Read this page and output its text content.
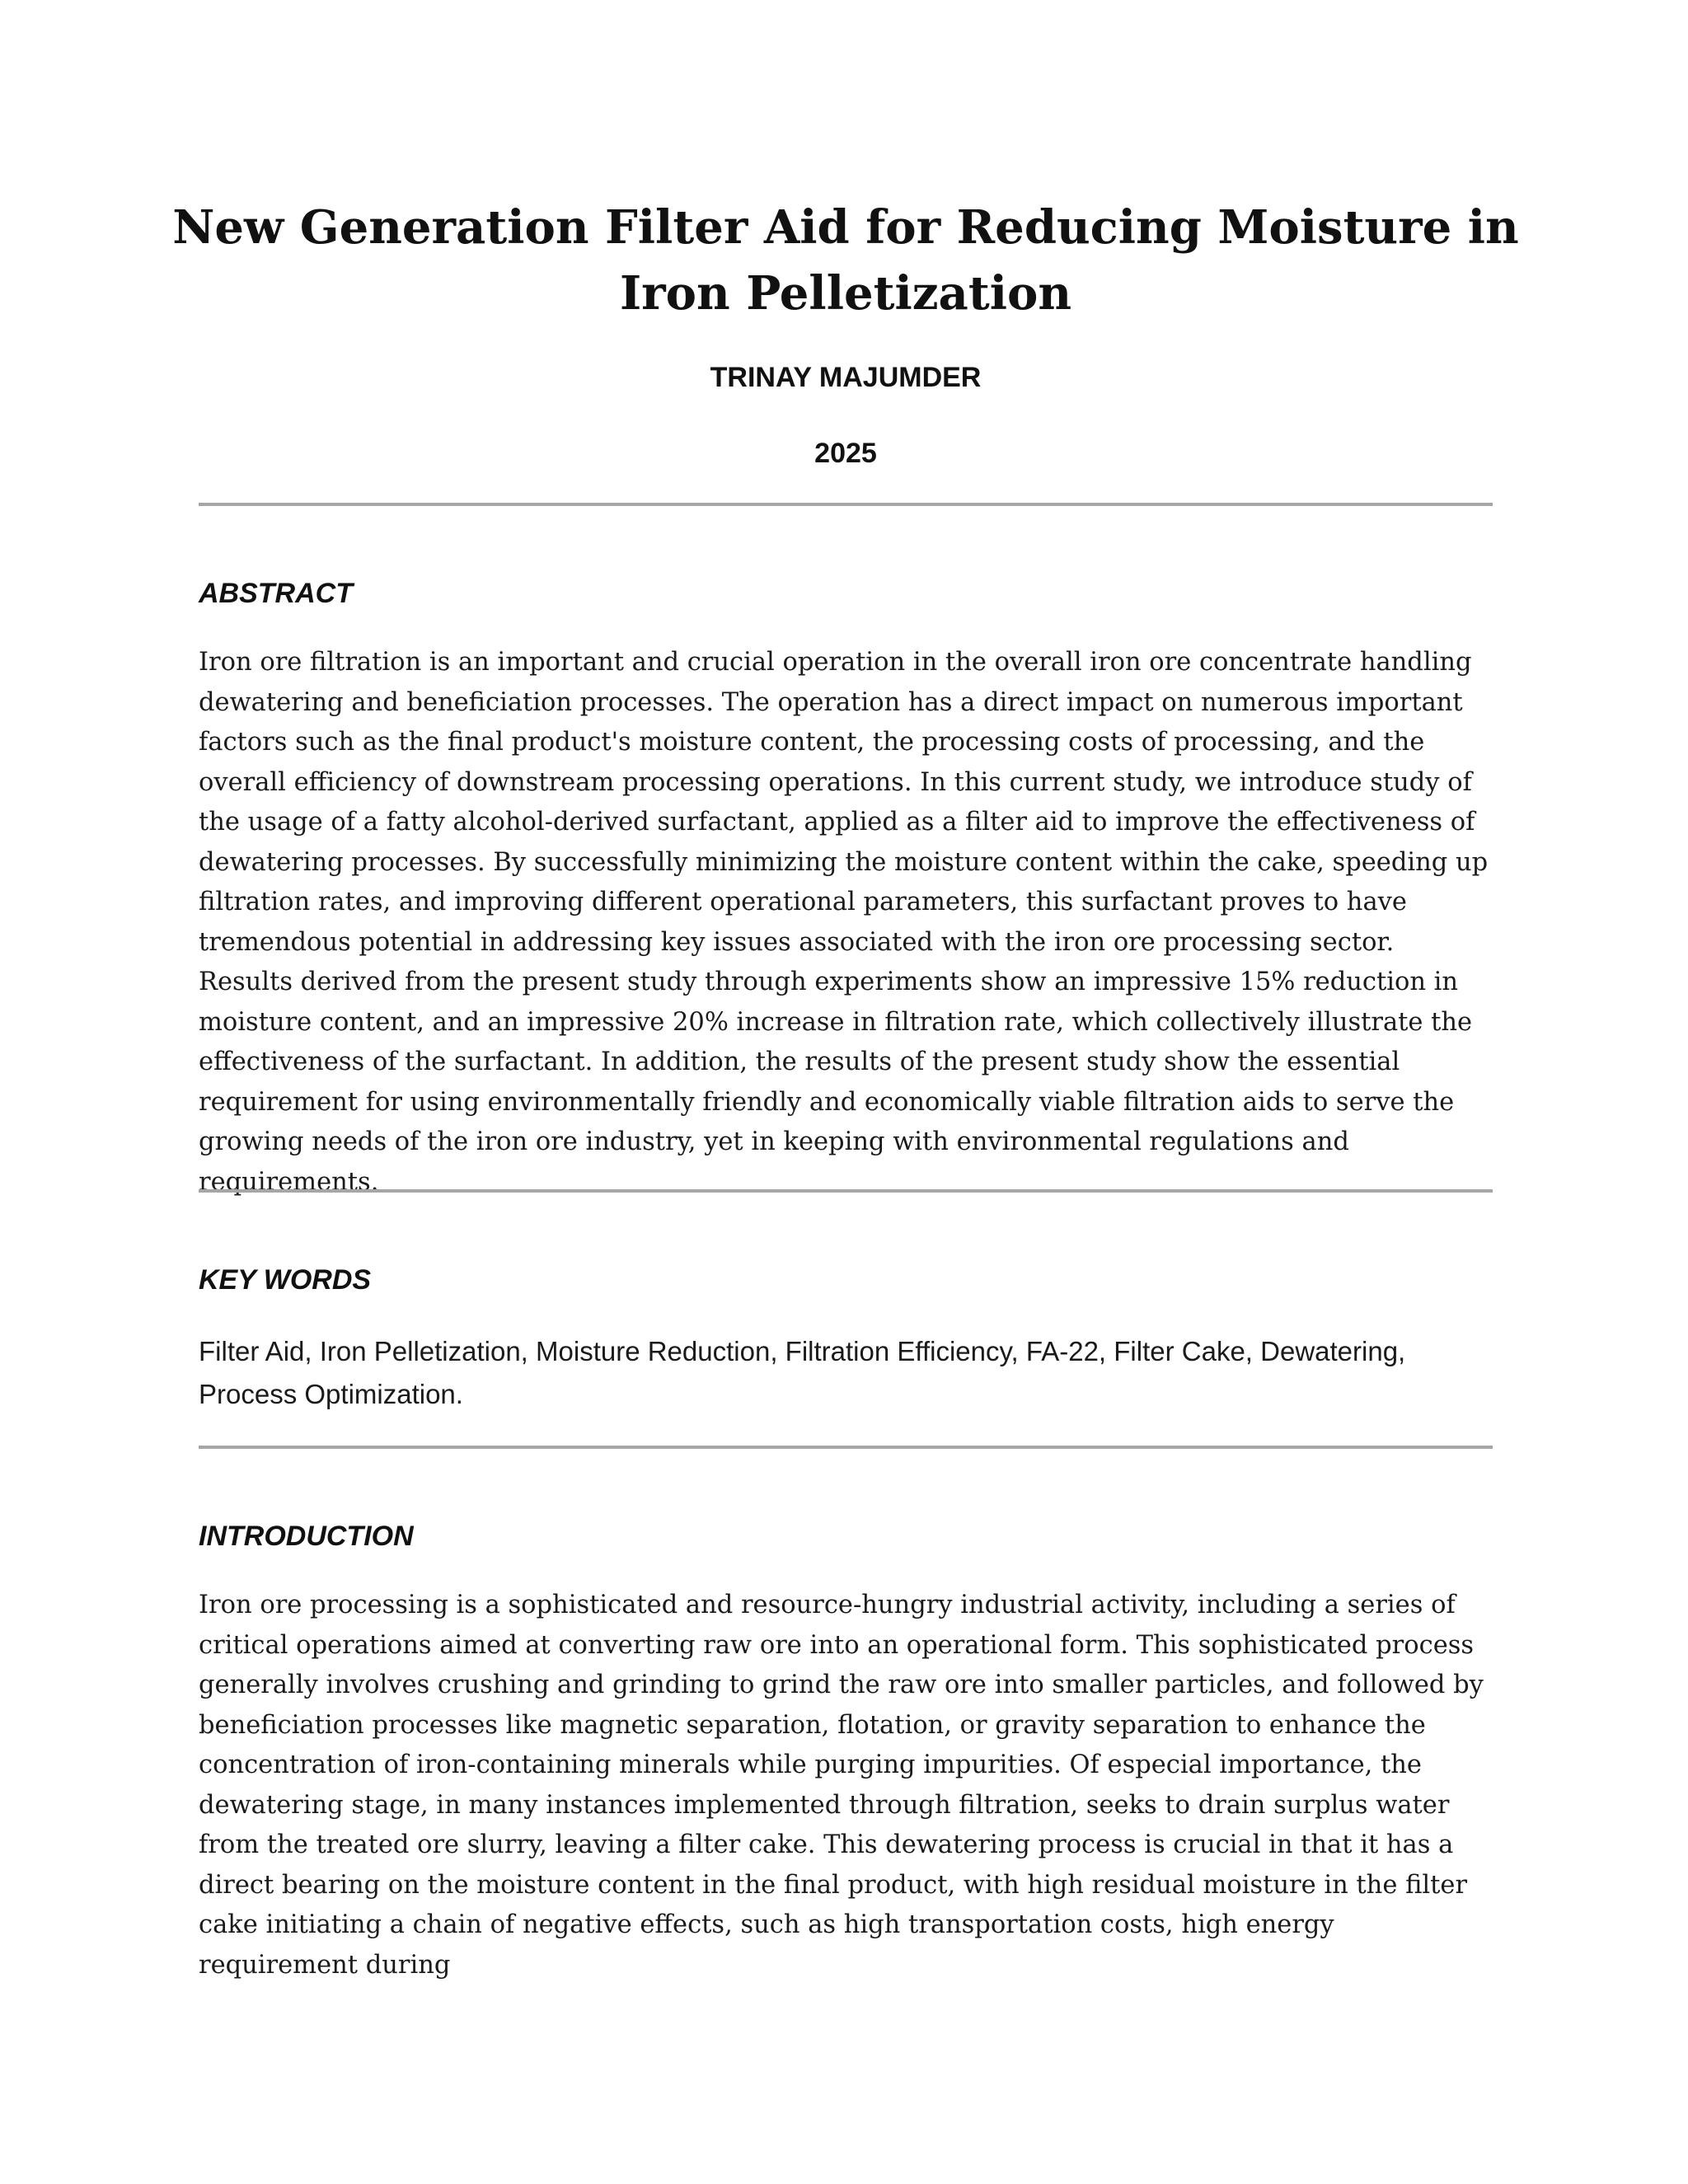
New Generation Filter Aid for Reducing Moisture in Iron Pelletization

TRINAY MAJUMDER

2025

ABSTRACT

Iron ore filtration is an important and crucial operation in the overall iron ore concentrate handling dewatering and beneficiation processes. The operation has a direct impact on numerous important factors such as the final product's moisture content, the processing costs of processing, and the overall efficiency of downstream processing operations. In this current study, we introduce study of the usage of a fatty alcohol-derived surfactant, applied as a filter aid to improve the effectiveness of dewatering processes. By successfully minimizing the moisture content within the cake, speeding up filtration rates, and improving different operational parameters, this surfactant proves to have tremendous potential in addressing key issues associated with the iron ore processing sector. Results derived from the present study through experiments show an impressive 15% reduction in moisture content, and an impressive 20% increase in filtration rate, which collectively illustrate the effectiveness of the surfactant. In addition, the results of the present study show the essential requirement for using environmentally friendly and economically viable filtration aids to serve the growing needs of the iron ore industry, yet in keeping with environmental regulations and requirements.

KEY WORDS

Filter Aid, Iron Pelletization, Moisture Reduction, Filtration Efficiency, FA-22, Filter Cake, Dewatering, Process Optimization.

INTRODUCTION

Iron ore processing is a sophisticated and resource-hungry industrial activity, including a series of critical operations aimed at converting raw ore into an operational form. This sophisticated process generally involves crushing and grinding to grind the raw ore into smaller particles, and followed by beneficiation processes like magnetic separation, flotation, or gravity separation to enhance the concentration of iron-containing minerals while purging impurities. Of especial importance, the dewatering stage, in many instances implemented through filtration, seeks to drain surplus water from the treated ore slurry, leaving a filter cake. This dewatering process is crucial in that it has a direct bearing on the moisture content in the final product, with high residual moisture in the filter cake initiating a chain of negative effects, such as high transportation costs, high energy requirement during
